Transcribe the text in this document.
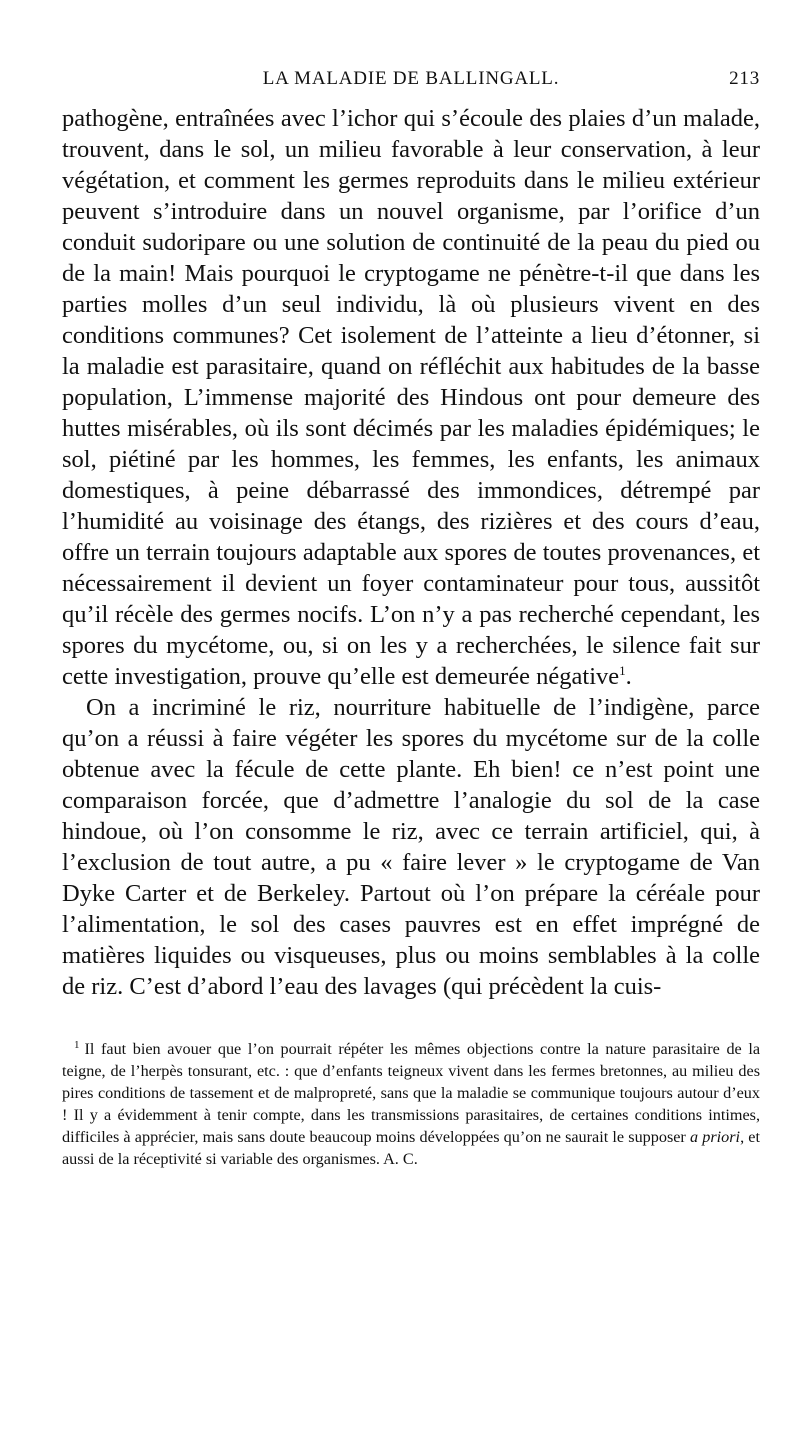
LA MALADIE DE BALLINGALL.	213

pathogène, entraînées avec l’ichor qui s’écoule des plaies d’un malade, trouvent, dans le sol, un milieu favorable à leur conservation, à leur végétation, et comment les germes reproduits dans le milieu extérieur peuvent s’introduire dans un nouvel organisme, par l’orifice d’un conduit sudoripare ou une solution de continuité de la peau du pied ou de la main! Mais pourquoi le cryptogame ne pénètre-t-il que dans les parties molles d’un seul individu, là où plusieurs vivent en des conditions communes? Cet isolement de l’atteinte a lieu d’étonner, si la maladie est parasitaire, quand on réfléchit aux habitudes de la basse population, L’immense majorité des Hindous ont pour demeure des huttes misérables, où ils sont décimés par les maladies épidémiques; le sol, piétiné par les hommes, les femmes, les enfants, les animaux domestiques, à peine débarrassé des immondices, détrempé par l’humidité au voisinage des étangs, des rizières et des cours d’eau, offre un terrain toujours adaptable aux spores de toutes provenances, et nécessairement il devient un foyer contaminateur pour tous, aussitôt qu’il récèle des germes nocifs. L’on n’y a pas recherché cependant, les spores du mycétome, ou, si on les y a recherchées, le silence fait sur cette investigation, prouve qu’elle est demeurée négative$^1$.

On a incriminé le riz, nourriture habituelle de l’indigène, parce qu’on a réussi à faire végéter les spores du mycétome sur de la colle obtenue avec la fécule de cette plante. Eh bien! ce n’est point une comparaison forcée, que d’admettre l’analogie du sol de la case hindoue, où l’on consomme le riz, avec ce terrain artificiel, qui, à l’exclusion de tout autre, a pu « faire lever » le cryptogame de Van Dyke Carter et de Berkeley. Partout où l’on prépare la céréale pour l’alimentation, le sol des cases pauvres est en effet imprégné de matières liquides ou visqueuses, plus ou moins semblables à la colle de riz. C’est d’abord l’eau des lavages (qui précèdent la cuis-

$^1$ Il faut bien avouer que l’on pourrait répéter les mêmes objections contre la nature parasitaire de la teigne, de l’herpès tonsurant, etc. : que d’enfants teigneux vivent dans les fermes bretonnes, au milieu des pires conditions de tassement et de malpropreté, sans que la maladie se communique toujours autour d’eux ! Il y a évidemment à tenir compte, dans les transmissions parasitaires, de certaines conditions intimes, difficiles à apprécier, mais sans doute beaucoup moins développées qu’on ne saurait le supposer a priori, et aussi de la réceptivité si variable des organismes. A. C.
